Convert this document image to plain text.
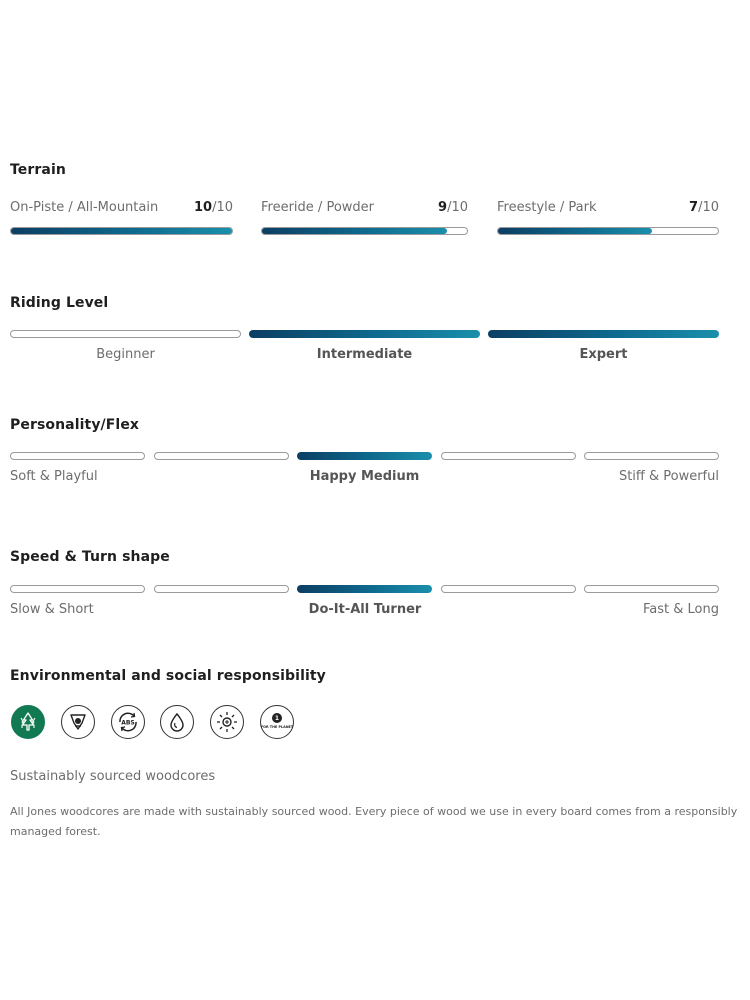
Terrain
On-Piste / All-Mountain	10/10 Freeride / Powder	9/10 Freestyle / Park	7/10
Riding Level
Beginner	Intermediate	Expert
Personality/Flex
Soft & Playful	Happy Medium	Stiff & Powerful
Speed & Turn shape
Slow & Short	Do-It-All Turner	Fast & Long
Environmental and social responsibility
ABS
1
FOR THE PLANET
Sustainably sourced woodcores
All Jones woodcores are made with sustainably sourced wood. Every piece of wood we use in every board comes from a responsibly managed forest.
